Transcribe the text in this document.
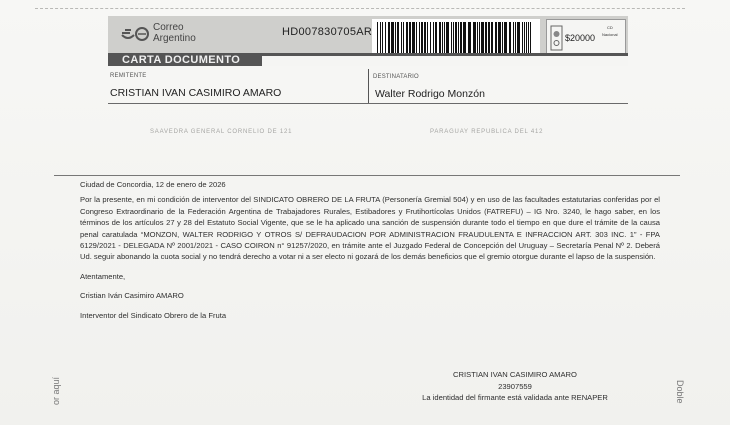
Correo
Argentino
HD007830705AR	$20000
CD
Nacional
CARTA DOCUMENTO
REMITENTE
CRISTIAN IVAN CASIMIRO AMARO
DESTINATARIO
Walter Rodrigo Monzón
SAAVEDRA GENERAL CORNELIO DE 121	PARAGUAY REPUBLICA DEL 412

Ciudad de Concordia, 12 de enero de 2026

Por la presente, en mi condición de interventor del SINDICATO OBRERO DE LA FRUTA (Personería Gremial 504) y en uso de las facultades estatutarias conferidas por el Congreso Extraordinario de la Federación Argentina de Trabajadores Rurales, Estibadores y Frutihortícolas Unidos (FATREFU) – IG Nro. 3240, le hago saber, en los términos de los artículos 27 y 28 del Estatuto Social Vigente, que se le ha aplicado una sanción de suspensión durante todo el tiempo en que dure el trámite de la causa penal caratulada “MONZON, WALTER RODRIGO Y OTROS S/ DEFRAUDACION POR ADMINISTRACION FRAUDULENTA E INFRACCION ART. 303 INC. 1” - FPA 6129/2021 - DELEGADA Nº 2001/2021 - CASO COIRON n° 91257/2020, en trámite ante el Juzgado Federal de Concepción del Uruguay – Secretaría Penal Nº 2. Deberá Ud. seguir abonando la cuota social y no tendrá derecho a votar ni a ser electo ni gozará de los demás beneficios que el gremio otorgue durante el lapso de la suspensión.

Atentamente,

Cristian Iván Casimiro AMARO

Interventor del Sindicato Obrero de la Fruta

CRISTIAN IVAN CASIMIRO AMARO
23907559
La identidad del firmante está validada ante RENAPER
or aquí	Doble
